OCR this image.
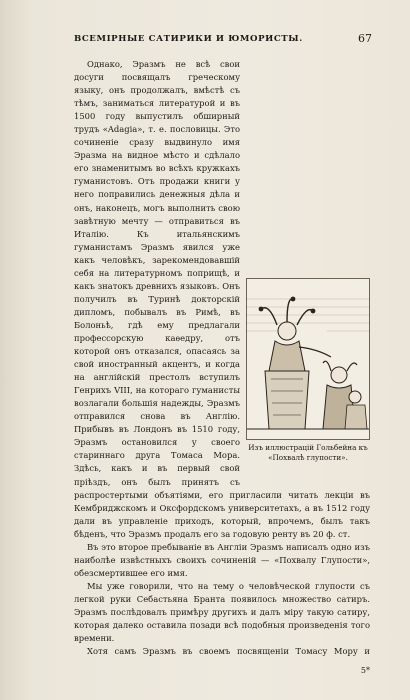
ВСЕМІРНЫЕ САТИРИКИ И ЮМОРИСТЫ.	67
Изъ иллюстрацій Гольбейна къ
«Похвалѣ глупости».

Однако, Эразмъ не всѣ свои досуги посвящалъ греческому языку, онъ продолжалъ, вмѣстѣ съ тѣмъ, заниматься литературой и въ 1500 году выпустилъ обширный трудъ «Adagia», т. е. пословицы. Это сочиненіе сразу выдвинуло имя Эразма на видное мѣсто и сдѣлало его знаменитымъ во всѣхъ кружкахъ гуманистовъ. Отъ продажи книги у него поправились денежныя дѣла и онъ, наконецъ, могъ выполнить свою завѣтную мечту — отправиться въ Италію. Къ итальянскимъ гуманистамъ Эразмъ явился уже какъ человѣкъ, зарекомендовавшій себя на литературномъ поприщѣ, и какъ знатокъ древнихъ языковъ. Онъ получилъ въ Туринѣ докторскій дипломъ, побывалъ въ Римѣ, въ Болоньѣ, гдѣ ему предлагали профессорскую каѳедру, отъ которой онъ отказался, опасаясь за свой иностранный акцентъ, и когда на англійскій престолъ вступилъ Генрихъ VIII, на котораго гуманисты возлагали большія надежды, Эразмъ отправился снова въ Англію. Прибывъ въ Лондонъ въ 1510 году, Эразмъ остановился у своего стариннаго друга Томаса Мора. Здѣсь, какъ и въ первый свой пріѣздъ, онъ былъ принятъ съ распростертыми объятіями, его пригласили читать лекціи въ Кембриджскомъ и Оксфордскомъ университетахъ, а въ 1512 году дали въ управленіе приходъ, который, впрочемъ, былъ такъ бѣденъ, что Эразмъ продалъ его за годовую ренту въ 20 ф. ст.

Въ это второе пребываніе въ Англіи Эразмъ написалъ одно изъ наиболѣе извѣстныхъ своихъ сочиненій — «Похвалу Глупости», обезсмертившее его имя.

Мы уже говорили, что на тему о человѣческой глупости съ легкой руки Себастьяна Бранта появилось множество сатиръ. Эразмъ послѣдовалъ примѣру другихъ и далъ міру такую сатиру, которая далеко оставила позади всѣ подобныя произведенія того времени.

Хотя самъ Эразмъ въ своемъ посвященіи Томасу Мору и

5*
